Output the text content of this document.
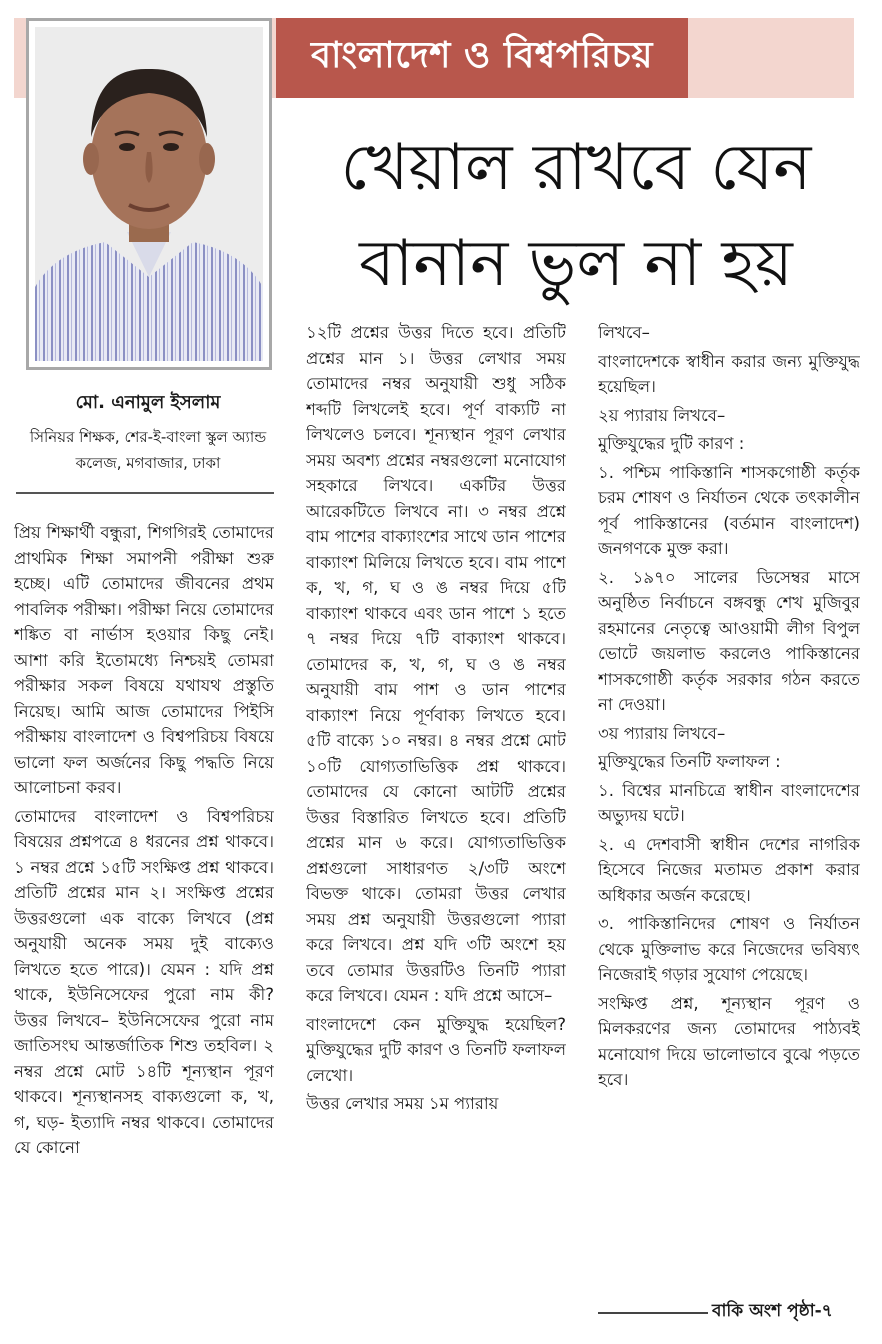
বাংলাদেশ ও বিশ্বপরিচয়
খেয়াল রাখবে যেন
বানান ভুল না হয়
মো. এনামুল ইসলাম
সিনিয়র শিক্ষক, শের-ই-বাংলা স্কুল অ্যান্ড কলেজ, মগবাজার, ঢাকা

প্রিয় শিক্ষার্থী বন্ধুরা, শিগগিরই তোমাদের প্রাথমিক শিক্ষা সমাপনী পরীক্ষা শুরু হচ্ছে। এটি তোমাদের জীবনের প্রথম পাবলিক পরীক্ষা। পরীক্ষা নিয়ে তোমাদের শঙ্কিত বা নার্ভাস হওয়ার কিছু নেই। আশা করি ইতোমধ্যে নিশ্চয়ই তোমরা পরীক্ষার সকল বিষয়ে যথাযথ প্রস্তুতি নিয়েছ। আমি আজ তোমাদের পিইসি পরীক্ষায় বাংলাদেশ ও বিশ্বপরিচয় বিষয়ে ভালো ফল অর্জনের কিছু পদ্ধতি নিয়ে আলোচনা করব।

তোমাদের বাংলাদেশ ও বিশ্বপরিচয় বিষয়ের প্রশ্নপত্রে ৪ ধরনের প্রশ্ন থাকবে। ১ নম্বর প্রশ্নে ১৫টি সংক্ষিপ্ত প্রশ্ন থাকবে। প্রতিটি প্রশ্নের মান ২। সংক্ষিপ্ত প্রশ্নের উত্তরগুলো এক বাক্যে লিখবে (প্রশ্ন অনুযায়ী অনেক সময় দুই বাক্যেও লিখতে হতে পারে)। যেমন : যদি প্রশ্ন থাকে, ইউনিসেফের পুরো নাম কী? উত্তর লিখবে– ইউনিসেফের পুরো নাম জাতিসংঘ আন্তর্জাতিক শিশু তহবিল। ২ নম্বর প্রশ্নে মোট ১৪টি শূন্যস্থান পূরণ থাকবে। শূন্যস্থানসহ বাক্যগুলো ক, খ, গ, ঘড়- ইত্যাদি নম্বর থাকবে। তোমাদের যে কোনো

১২টি প্রশ্নের উত্তর দিতে হবে। প্রতিটি প্রশ্নের মান ১। উত্তর লেখার সময় তোমাদের নম্বর অনুযায়ী শুধু সঠিক শব্দটি লিখলেই হবে। পূর্ণ বাক্যটি না লিখলেও চলবে। শূন্যস্থান পূরণ লেখার সময় অবশ্য প্রশ্নের নম্বরগুলো মনোযোগ সহকারে লিখবে। একটির উত্তর আরেকটিতে লিখবে না। ৩ নম্বর প্রশ্নে বাম পাশের বাক্যাংশের সাথে ডান পাশের বাক্যাংশ মিলিয়ে লিখতে হবে। বাম পাশে ক, খ, গ, ঘ ও ঙ নম্বর দিয়ে ৫টি বাক্যাংশ থাকবে এবং ডান পাশে ১ হতে ৭ নম্বর দিয়ে ৭টি বাক্যাংশ থাকবে। তোমাদের ক, খ, গ, ঘ ও ঙ নম্বর অনুযায়ী বাম পাশ ও ডান পাশের বাক্যাংশ নিয়ে পূর্ণবাক্য লিখতে হবে। ৫টি বাক্যে ১০ নম্বর। ৪ নম্বর প্রশ্নে মোট ১০টি যোগ্যতাভিত্তিক প্রশ্ন থাকবে। তোমাদের যে কোনো আটটি প্রশ্নের উত্তর বিস্তারিত লিখতে হবে। প্রতিটি প্রশ্নের মান ৬ করে। যোগ্যতাভিত্তিক প্রশ্নগুলো সাধারণত ২/৩টি অংশে বিভক্ত থাকে। তোমরা উত্তর লেখার সময় প্রশ্ন অনুযায়ী উত্তরগুলো প্যারা করে লিখবে। প্রশ্ন যদি ৩টি অংশে হয় তবে তোমার উত্তরটিও তিনটি প্যারা করে লিখবে। যেমন : যদি প্রশ্নে আসে–

বাংলাদেশে কেন মুক্তিযুদ্ধ হয়েছিল? মুক্তিযুদ্ধের দুটি কারণ ও তিনটি ফলাফল লেখো।

উত্তর লেখার সময় ১ম প্যারায়

লিখবে–

বাংলাদেশকে স্বাধীন করার জন্য মুক্তিযুদ্ধ হয়েছিল।

২য় প্যারায় লিখবে–

মুক্তিযুদ্ধের দুটি কারণ :

১. পশ্চিম পাকিস্তানি শাসকগোষ্ঠী কর্তৃক চরম শোষণ ও নির্যাতন থেকে তৎকালীন পূর্ব পাকিস্তানের (বর্তমান বাংলাদেশ) জনগণকে মুক্ত করা।

২. ১৯৭০ সালের ডিসেম্বর মাসে অনুষ্ঠিত নির্বাচনে বঙ্গবন্ধু শেখ মুজিবুর রহমানের নেতৃত্বে আওয়ামী লীগ বিপুল ভোটে জয়লাভ করলেও পাকিস্তানের শাসকগোষ্ঠী কর্তৃক সরকার গঠন করতে না দেওয়া।

৩য় প্যারায় লিখবে–

মুক্তিযুদ্ধের তিনটি ফলাফল :

১. বিশ্বের মানচিত্রে স্বাধীন বাংলাদেশের অভ্যুদয় ঘটে।

২. এ দেশবাসী স্বাধীন দেশের নাগরিক হিসেবে নিজের মতামত প্রকাশ করার অধিকার অর্জন করেছে।

৩. পাকিস্তানিদের শোষণ ও নির্যাতন থেকে মুক্তিলাভ করে নিজেদের ভবিষ্যৎ নিজেরাই গড়ার সুযোগ পেয়েছে।

সংক্ষিপ্ত প্রশ্ন, শূন্যস্থান পূরণ ও মিলকরণের জন্য তোমাদের পাঠ্যবই মনোযোগ দিয়ে ভালোভাবে বুঝে পড়তে হবে।

বাকি অংশ পৃষ্ঠা-৭
